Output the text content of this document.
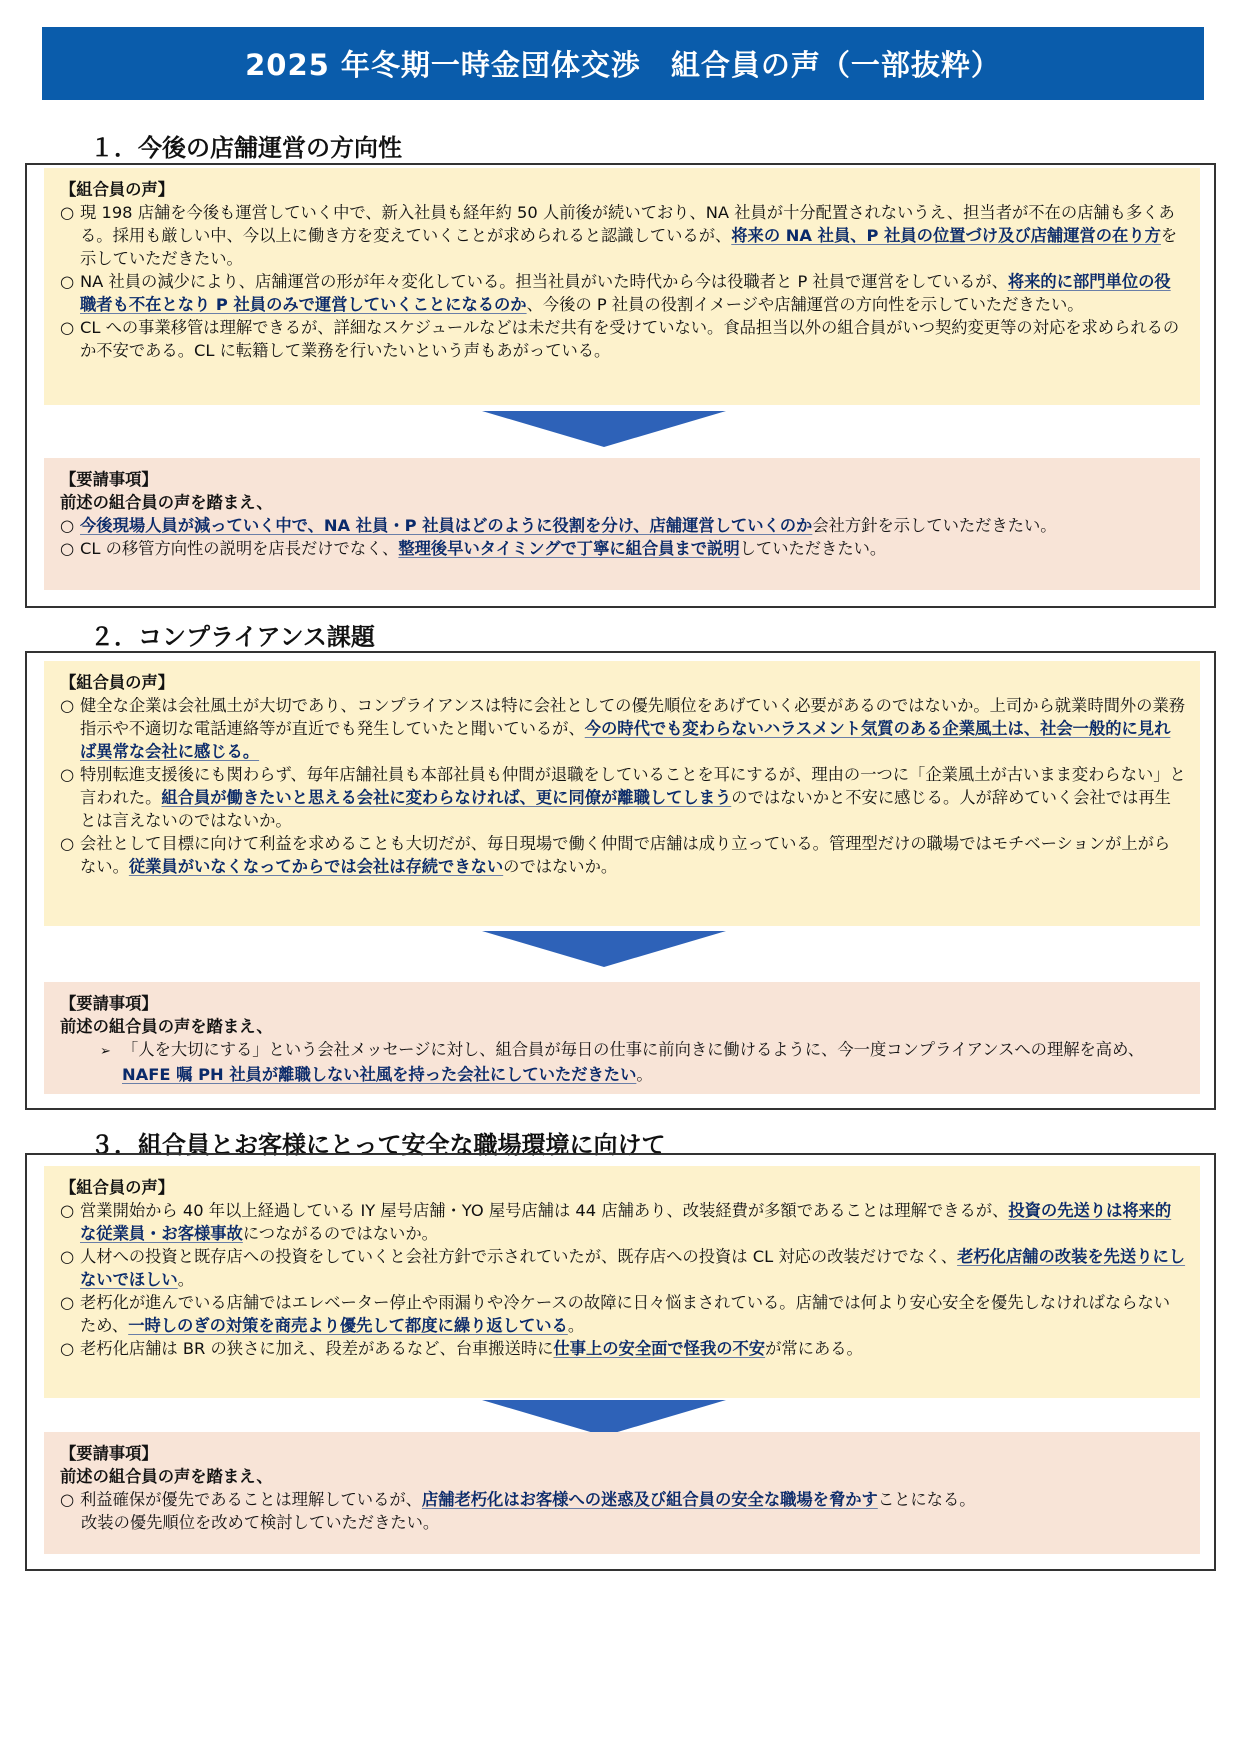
2025 年冬期一時金団体交渉　組合員の声（一部抜粋）
１．今後の店舗運営の方向性
【組合員の声】
○ 現 198 店舗を今後も運営していく中で、新入社員も経年約 50 人前後が続いており、NA 社員が十分配置されないうえ、担当者が不在の店舗も多くある。採用も厳しい中、今以上に働き方を変えていくことが求められると認識しているが、将来の NA 社員、P 社員の位置づけ及び店舗運営の在り方を示していただきたい。
○ NA 社員の減少により、店舗運営の形が年々変化している。担当社員がいた時代から今は役職者と P 社員で運営をしているが、将来的に部門単位の役職者も不在となり P 社員のみで運営していくことになるのか、今後の P 社員の役割イメージや店舗運営の方向性を示していただきたい。
○ CL への事業移管は理解できるが、詳細なスケジュールなどは未だ共有を受けていない。食品担当以外の組合員がいつ契約変更等の対応を求められるのか不安である。CL に転籍して業務を行いたいという声もあがっている。
【要請事項】
前述の組合員の声を踏まえ、
○ 今後現場人員が減っていく中で、NA 社員・P 社員はどのように役割を分け、店舗運営していくのか会社方針を示していただきたい。
○ CL の移管方向性の説明を店長だけでなく、整理後早いタイミングで丁寧に組合員まで説明していただきたい。
２．コンプライアンス課題
【組合員の声】
○ 健全な企業は会社風土が大切であり、コンプライアンスは特に会社としての優先順位をあげていく必要があるのではないか。上司から就業時間外の業務指示や不適切な電話連絡等が直近でも発生していたと聞いているが、今の時代でも変わらないハラスメント気質のある企業風土は、社会一般的に見れば異常な会社に感じる。
○ 特別転進支援後にも関わらず、毎年店舗社員も本部社員も仲間が退職をしていることを耳にするが、理由の一つに「企業風土が古いまま変わらない」と言われた。組合員が働きたいと思える会社に変わらなければ、更に同僚が離職してしまうのではないかと不安に感じる。人が辞めていく会社では再生とは言えないのではないか。
○ 会社として目標に向けて利益を求めることも大切だが、毎日現場で働く仲間で店舗は成り立っている。管理型だけの職場ではモチベーションが上がらない。従業員がいなくなってからでは会社は存続できないのではないか。
【要請事項】
前述の組合員の声を踏まえ、
➢ 「人を大切にする」という会社メッセージに対し、組合員が毎日の仕事に前向きに働けるように、今一度コンプライアンスへの理解を高め、NAFE 嘱 PH 社員が離職しない社風を持った会社にしていただきたい。
３．組合員とお客様にとって安全な職場環境に向けて
【組合員の声】
○ 営業開始から 40 年以上経過している IY 屋号店舗・YO 屋号店舗は 44 店舗あり、改装経費が多額であることは理解できるが、投資の先送りは将来的な従業員・お客様事故につながるのではないか。
○ 人材への投資と既存店への投資をしていくと会社方針で示されていたが、既存店への投資は CL 対応の改装だけでなく、老朽化店舗の改装を先送りにしないでほしい。
○ 老朽化が進んでいる店舗ではエレベーター停止や雨漏りや冷ケースの故障に日々悩まされている。店舗では何より安心安全を優先しなければならないため、一時しのぎの対策を商売より優先して都度に繰り返している。
○ 老朽化店舗は BR の狭さに加え、段差があるなど、台車搬送時に仕事上の安全面で怪我の不安が常にある。
【要請事項】
前述の組合員の声を踏まえ、
○ 利益確保が優先であることは理解しているが、店舗老朽化はお客様への迷惑及び組合員の安全な職場を脅かすことになる。
改装の優先順位を改めて検討していただきたい。
